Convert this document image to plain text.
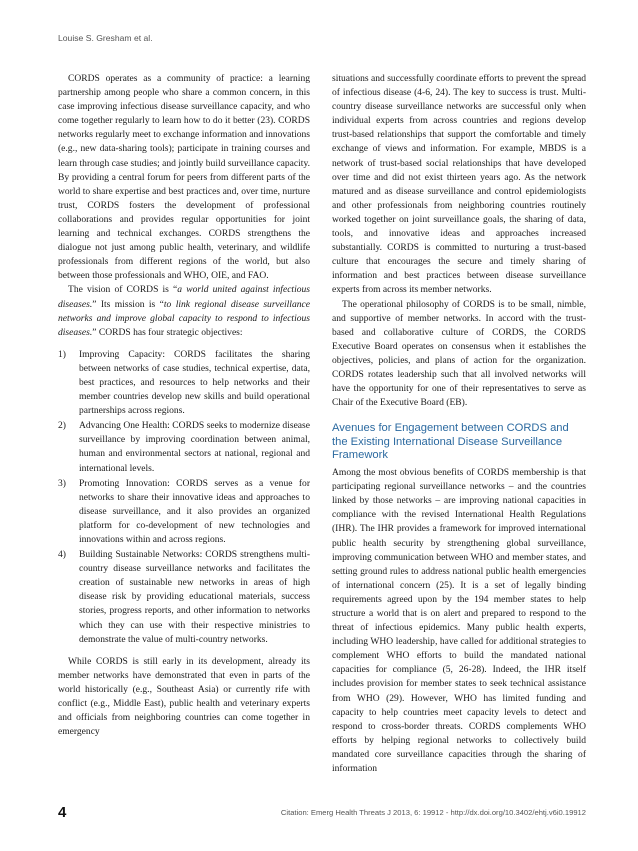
Louise S. Gresham et al.

CORDS operates as a community of practice: a learning partnership among people who share a common concern, in this case improving infectious disease surveillance capacity, and who come together regularly to learn how to do it better (23). CORDS networks regularly meet to exchange information and innovations (e.g., new data-sharing tools); participate in training courses and learn through case studies; and jointly build surveillance capacity. By providing a central forum for peers from different parts of the world to share expertise and best practices and, over time, nurture trust, CORDS fosters the development of professional collaborations and provides regular opportunities for joint learning and technical exchanges. CORDS strengthens the dialogue not just among public health, veterinary, and wildlife professionals from different regions of the world, but also between those professionals and WHO, OIE, and FAO.

The vision of CORDS is “a world united against infectious diseases.” Its mission is “to link regional disease surveillance networks and improve global capacity to respond to infectious diseases.” CORDS has four strategic objectives:

1) Improving Capacity: CORDS facilitates the sharing between networks of case studies, technical expertise, data, best practices, and resources to help networks and their member countries develop new skills and build operational partnerships across regions.
2) Advancing One Health: CORDS seeks to modernize disease surveillance by improving coordination between animal, human and environmental sectors at national, regional and international levels.
3) Promoting Innovation: CORDS serves as a venue for networks to share their innovative ideas and approaches to disease surveillance, and it also provides an organized platform for co-development of new technologies and innovations within and across regions.
4) Building Sustainable Networks: CORDS strengthens multi-country disease surveillance networks and facilitates the creation of sustainable new networks in areas of high disease risk by providing educational materials, success stories, progress reports, and other information to networks which they can use with their respective ministries to demonstrate the value of multi-country networks.

While CORDS is still early in its development, already its member networks have demonstrated that even in parts of the world historically (e.g., Southeast Asia) or currently rife with conflict (e.g., Middle East), public health and veterinary experts and officials from neighboring countries can come together in emergency

situations and successfully coordinate efforts to prevent the spread of infectious disease (4-6, 24). The key to success is trust. Multi-country disease surveillance networks are successful only when individual experts from across countries and regions develop trust-based relationships that support the comfortable and timely exchange of views and information. For example, MBDS is a network of trust-based social relationships that have developed over time and did not exist thirteen years ago. As the network matured and as disease surveillance and control epidemiologists and other professionals from neighboring countries routinely worked together on joint surveillance goals, the sharing of data, tools, and innovative ideas and approaches increased substantially. CORDS is committed to nurturing a trust-based culture that encourages the secure and timely sharing of information and best practices between disease surveillance experts from across its member networks.

The operational philosophy of CORDS is to be small, nimble, and supportive of member networks. In accord with the trust-based and collaborative culture of CORDS, the CORDS Executive Board operates on consensus when it establishes the objectives, policies, and plans of action for the organization. CORDS rotates leadership such that all involved networks will have the opportunity for one of their representatives to serve as Chair of the Executive Board (EB).

Avenues for Engagement between CORDS and the Existing International Disease Surveillance Framework

Among the most obvious benefits of CORDS membership is that participating regional surveillance networks – and the countries linked by those networks – are improving national capacities in compliance with the revised International Health Regulations (IHR). The IHR provides a framework for improved international public health security by strengthening global surveillance, improving communication between WHO and member states, and setting ground rules to address national public health emergencies of international concern (25). It is a set of legally binding requirements agreed upon by the 194 member states to help structure a world that is on alert and prepared to respond to the threat of infectious epidemics. Many public health experts, including WHO leadership, have called for additional strategies to complement WHO efforts to build the mandated national capacities for compliance (5, 26-28). Indeed, the IHR itself includes provision for member states to seek technical assistance from WHO (29). However, WHO has limited funding and capacity to help countries meet capacity levels to detect and respond to cross-border threats. CORDS complements WHO efforts by helping regional networks to collectively build mandated core surveillance capacities through the sharing of information

4	Citation: Emerg Health Threats J 2013, 6: 19912 - http://dx.doi.org/10.3402/ehtj.v6i0.19912
